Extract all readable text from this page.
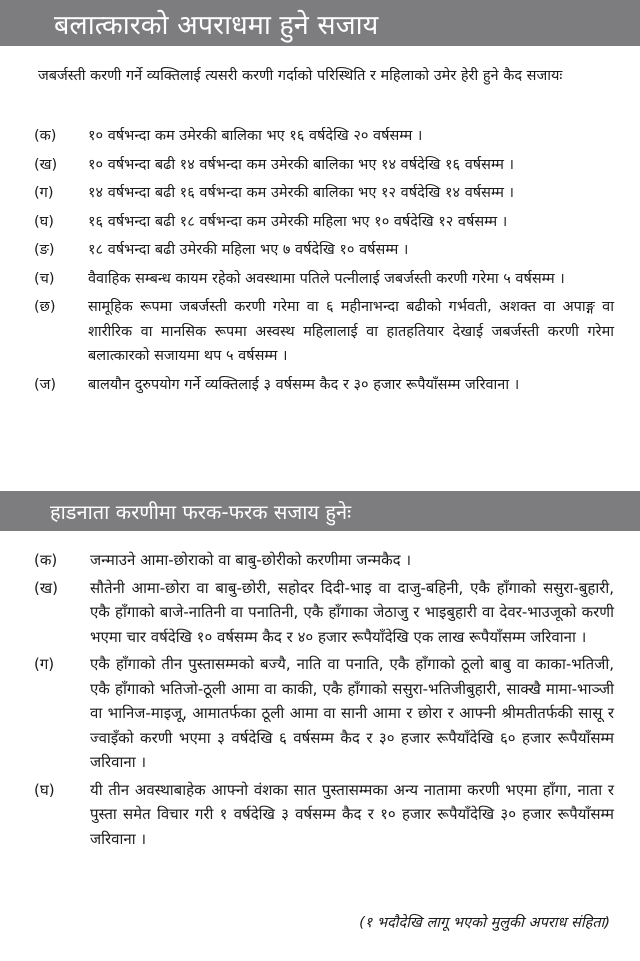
बलात्कारको अपराधमा हुने सजाय
जबर्जस्ती करणी गर्ने व्यक्तिलाई त्यसरी करणी गर्दाको परिस्थिति र महिलाको उमेर हेरी हुने कैद सजायः
(क)	१० वर्षभन्दा कम उमेरकी बालिका भए १६ वर्षदेखि २० वर्षसम्म ।
(ख)	१० वर्षभन्दा बढी १४ वर्षभन्दा कम उमेरकी बालिका भए १४ वर्षदेखि १६ वर्षसम्म ।
(ग)	१४ वर्षभन्दा बढी १६ वर्षभन्दा कम उमेरकी बालिका भए १२ वर्षदेखि १४ वर्षसम्म ।
(घ)	१६ वर्षभन्दा बढी १८ वर्षभन्दा कम उमेरकी महिला भए १० वर्षदेखि १२ वर्षसम्म ।
(ङ)	१८ वर्षभन्दा बढी उमेरकी महिला भए ७ वर्षदेखि १० वर्षसम्म ।
(च)	वैवाहिक सम्बन्ध कायम रहेको अवस्थामा पतिले पत्नीलाई जबर्जस्ती करणी गरेमा ५ वर्षसम्म ।
(छ)	सामूहिक रूपमा जबर्जस्ती करणी गरेमा वा ६ महीनाभन्दा बढीको गर्भवती, अशक्त वा अपाङ्ग वा शारीरिक वा मानसिक रूपमा अस्वस्थ महिलालाई वा हातहतियार देखाई जबर्जस्ती करणी गरेमा बलात्कारको सजायमा थप ५ वर्षसम्म ।
(ज)	बालयौन दुरुपयोग गर्ने व्यक्तिलाई ३ वर्षसम्म कैद र ३० हजार रूपैयाँसम्म जरिवाना ।
हाडनाता करणीमा फरक-फरक सजाय हुनेः
(क)	जन्माउने आमा-छोराको वा बाबु-छोरीको करणीमा जन्मकैद ।
(ख)	सौतेनी आमा-छोरा वा बाबु-छोरी, सहोदर दिदी-भाइ वा दाजु-बहिनी, एकै हाँगाको ससुरा-बुहारी, एकै हाँगाको बाजे-नातिनी वा पनातिनी, एकै हाँगाका जेठाजु र भाइबुहारी वा देवर-भाउजूको करणी भएमा चार वर्षदेखि १० वर्षसम्म कैद र ४० हजार रूपैयाँदेखि एक लाख रूपैयाँसम्म जरिवाना ।
(ग)	एकै हाँगाको तीन पुस्तासम्मको बज्यै, नाति वा पनाति, एकै हाँगाको ठूलो बाबु वा काका-भतिजी, एकै हाँगाको भतिजो-ठूली आमा वा काकी, एकै हाँगाको ससुरा-भतिजीबुहारी, साक्खै मामा-भाञ्जी वा भानिज-माइजू, आमातर्फका ठूली आमा वा सानी आमा र छोरा र आफ्नी श्रीमतीतर्फकी सासू र ज्वाइँको करणी भएमा ३ वर्षदेखि ६ वर्षसम्म कैद र ३० हजार रूपैयाँदेखि ६० हजार रूपैयाँसम्म जरिवाना ।
(घ)	यी तीन अवस्थाबाहेक आफ्नो वंशका सात पुस्तासम्मका अन्य नातामा करणी भएमा हाँगा, नाता र पुस्ता समेत विचार गरी १ वर्षदेखि ३ वर्षसम्म कैद र १० हजार रूपैयाँदेखि ३० हजार रूपैयाँसम्म जरिवाना ।
(१ भदौदेखि लागू भएको मुलुकी अपराध संहिता)
